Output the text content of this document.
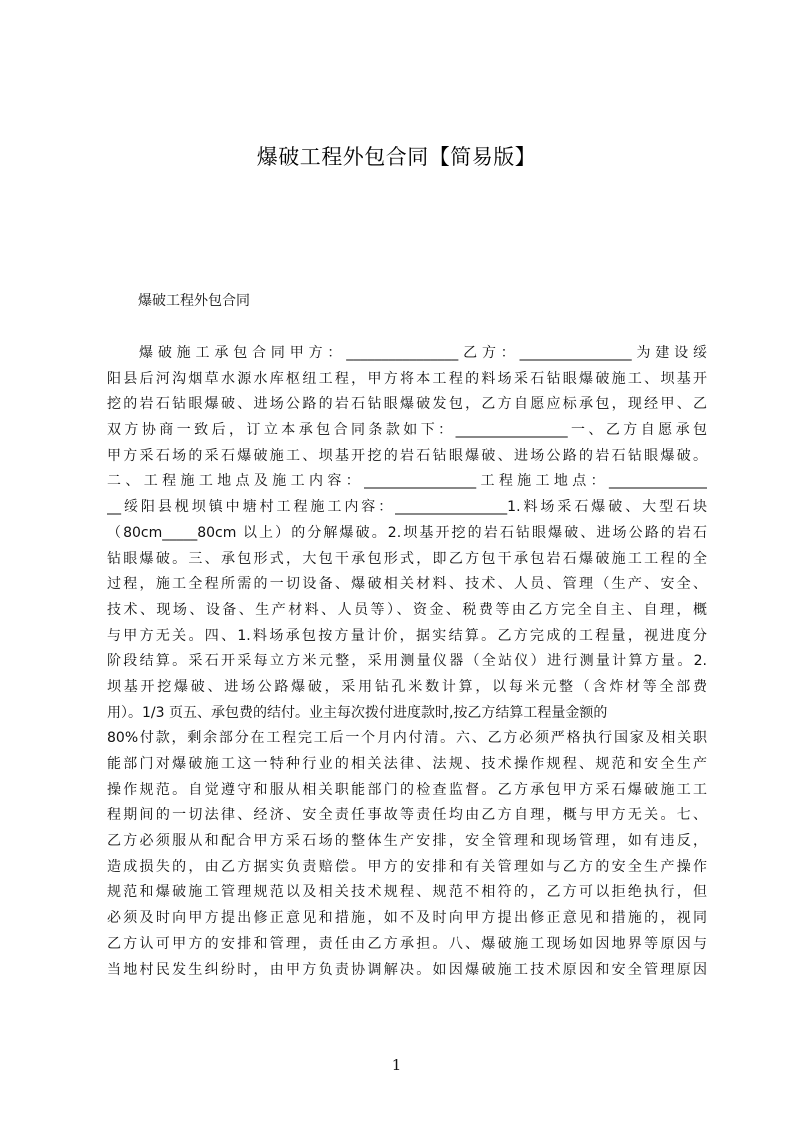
爆破工程外包合同【简易版】
爆破工程外包合同
爆破施工承包合同甲方：________________乙方：________________为建设绥
阳县后河沟烟草水源水库枢纽工程，甲方将本工程的料场采石钻眼爆破施工、坝基开
挖的岩石钻眼爆破、进场公路的岩石钻眼爆破发包，乙方自愿应标承包，现经甲、乙
双方协商一致后，订立本承包合同条款如下：________________一、乙方自愿承包
甲方采石场的采石爆破施工、坝基开挖的岩石钻眼爆破、进场公路的岩石钻眼爆破。
二、工程施工地点及施工内容：________________工程施工地点：______________
__绥阳县枧坝镇中塘村工程施工内容：________________1.料场采石爆破、大型石块
（80cm_____80cm 以上）的分解爆破。2.坝基开挖的岩石钻眼爆破、进场公路的岩石
钻眼爆破。三、承包形式，大包干承包形式，即乙方包干承包岩石爆破施工工程的全
过程，施工全程所需的一切设备、爆破相关材料、技术、人员、管理（生产、安全、
技术、现场、设备、生产材料、人员等）、资金、税费等由乙方完全自主、自理，概
与甲方无关。四、1.料场承包按方量计价，据实结算。乙方完成的工程量，视进度分
阶段结算。采石开采每立方米元整，采用测量仪器（全站仪）进行测量计算方量。2.
坝基开挖爆破、进场公路爆破，采用钻孔米数计算，以每米元整（含炸材等全部费
用）。1/3 页五、承包费的结付。业主每次拨付进度款时,按乙方结算工程量金额的
80%付款，剩余部分在工程完工后一个月内付清。六、乙方必须严格执行国家及相关职
能部门对爆破施工这一特种行业的相关法律、法规、技术操作规程、规范和安全生产
操作规范。自觉遵守和服从相关职能部门的检查监督。乙方承包甲方采石爆破施工工
程期间的一切法律、经济、安全责任事故等责任均由乙方自理，概与甲方无关。七、
乙方必须服从和配合甲方采石场的整体生产安排，安全管理和现场管理，如有违反，
造成损失的，由乙方据实负责赔偿。甲方的安排和有关管理如与乙方的安全生产操作
规范和爆破施工管理规范以及相关技术规程、规范不相符的，乙方可以拒绝执行，但
必须及时向甲方提出修正意见和措施，如不及时向甲方提出修正意见和措施的，视同
乙方认可甲方的安排和管理，责任由乙方承担。八、爆破施工现场如因地界等原因与
当地村民发生纠纷时，由甲方负责协调解决。如因爆破施工技术原因和安全管理原因
1
